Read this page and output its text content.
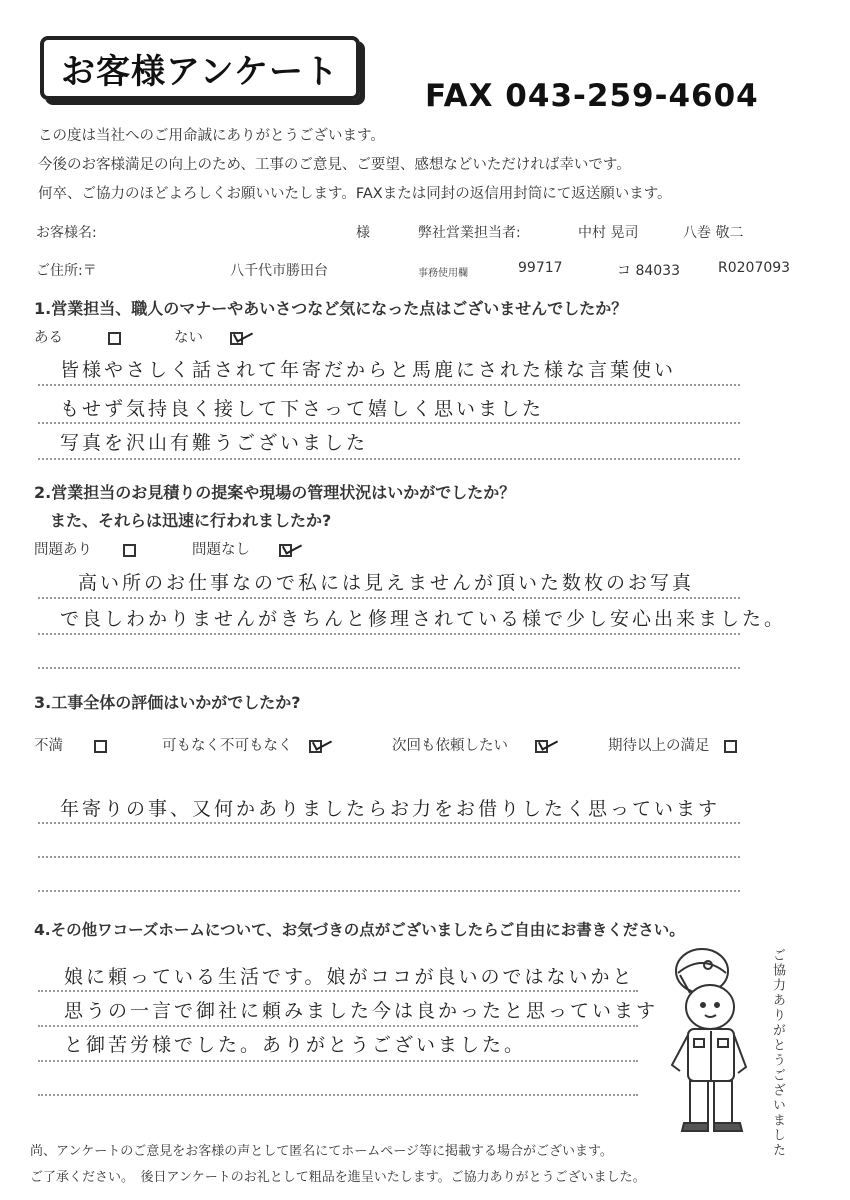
お客様アンケート
FAX 043-259-4604
この度は当社へのご用命誠にありがとうございます。
今後のお客様満足の向上のため、工事のご意見、ご要望、感想などいただければ幸いです。
何卒、ご協力のほどよろしくお願いいたします。FAXまたは同封の返信用封筒にて返送願います。
お客様名:	様	弊社営業担当者:	中村 晃司	八巻 敬二
ご住所:〒	八千代市勝田台	事務使用欄	99717	コ 84033	R0207093
1.営業担当、職人のマナーやあいさつなど気になった点はございませんでしたか？
ある	ない
皆様やさしく話されて年寄だからと馬鹿にされた様な言葉使い
もせず気持良く接して下さって嬉しく思いました
写真を沢山有難うございました
2.営業担当のお見積りの提案や現場の管理状況はいかがでしたか？
また、それらは迅速に行われましたか?
問題あり	問題なし
高い所のお仕事なので私には見えませんが頂いた数枚のお写真
で良しわかりませんがきちんと修理されている様で少し安心出来ました。
3.工事全体の評価はいかがでしたか?
不満	可もなく不可もなく	次回も依頼したい	期待以上の満足
年寄りの事、又何かありましたらお力をお借りしたく思っています
4.その他ワコーズホームについて、お気づきの点がございましたらご自由にお書きください。
娘に頼っている生活です。娘がココが良いのではないかと
思うの一言で御社に頼みました今は良かったと思っています
と御苦労様でした。ありがとうございました。	ご協力ありがとうございました
尚、アンケートのご意見をお客様の声として匿名にてホームページ等に掲載する場合がございます。
ご了承ください。　後日アンケートのお礼として粗品を進呈いたします。ご協力ありがとうございました。
